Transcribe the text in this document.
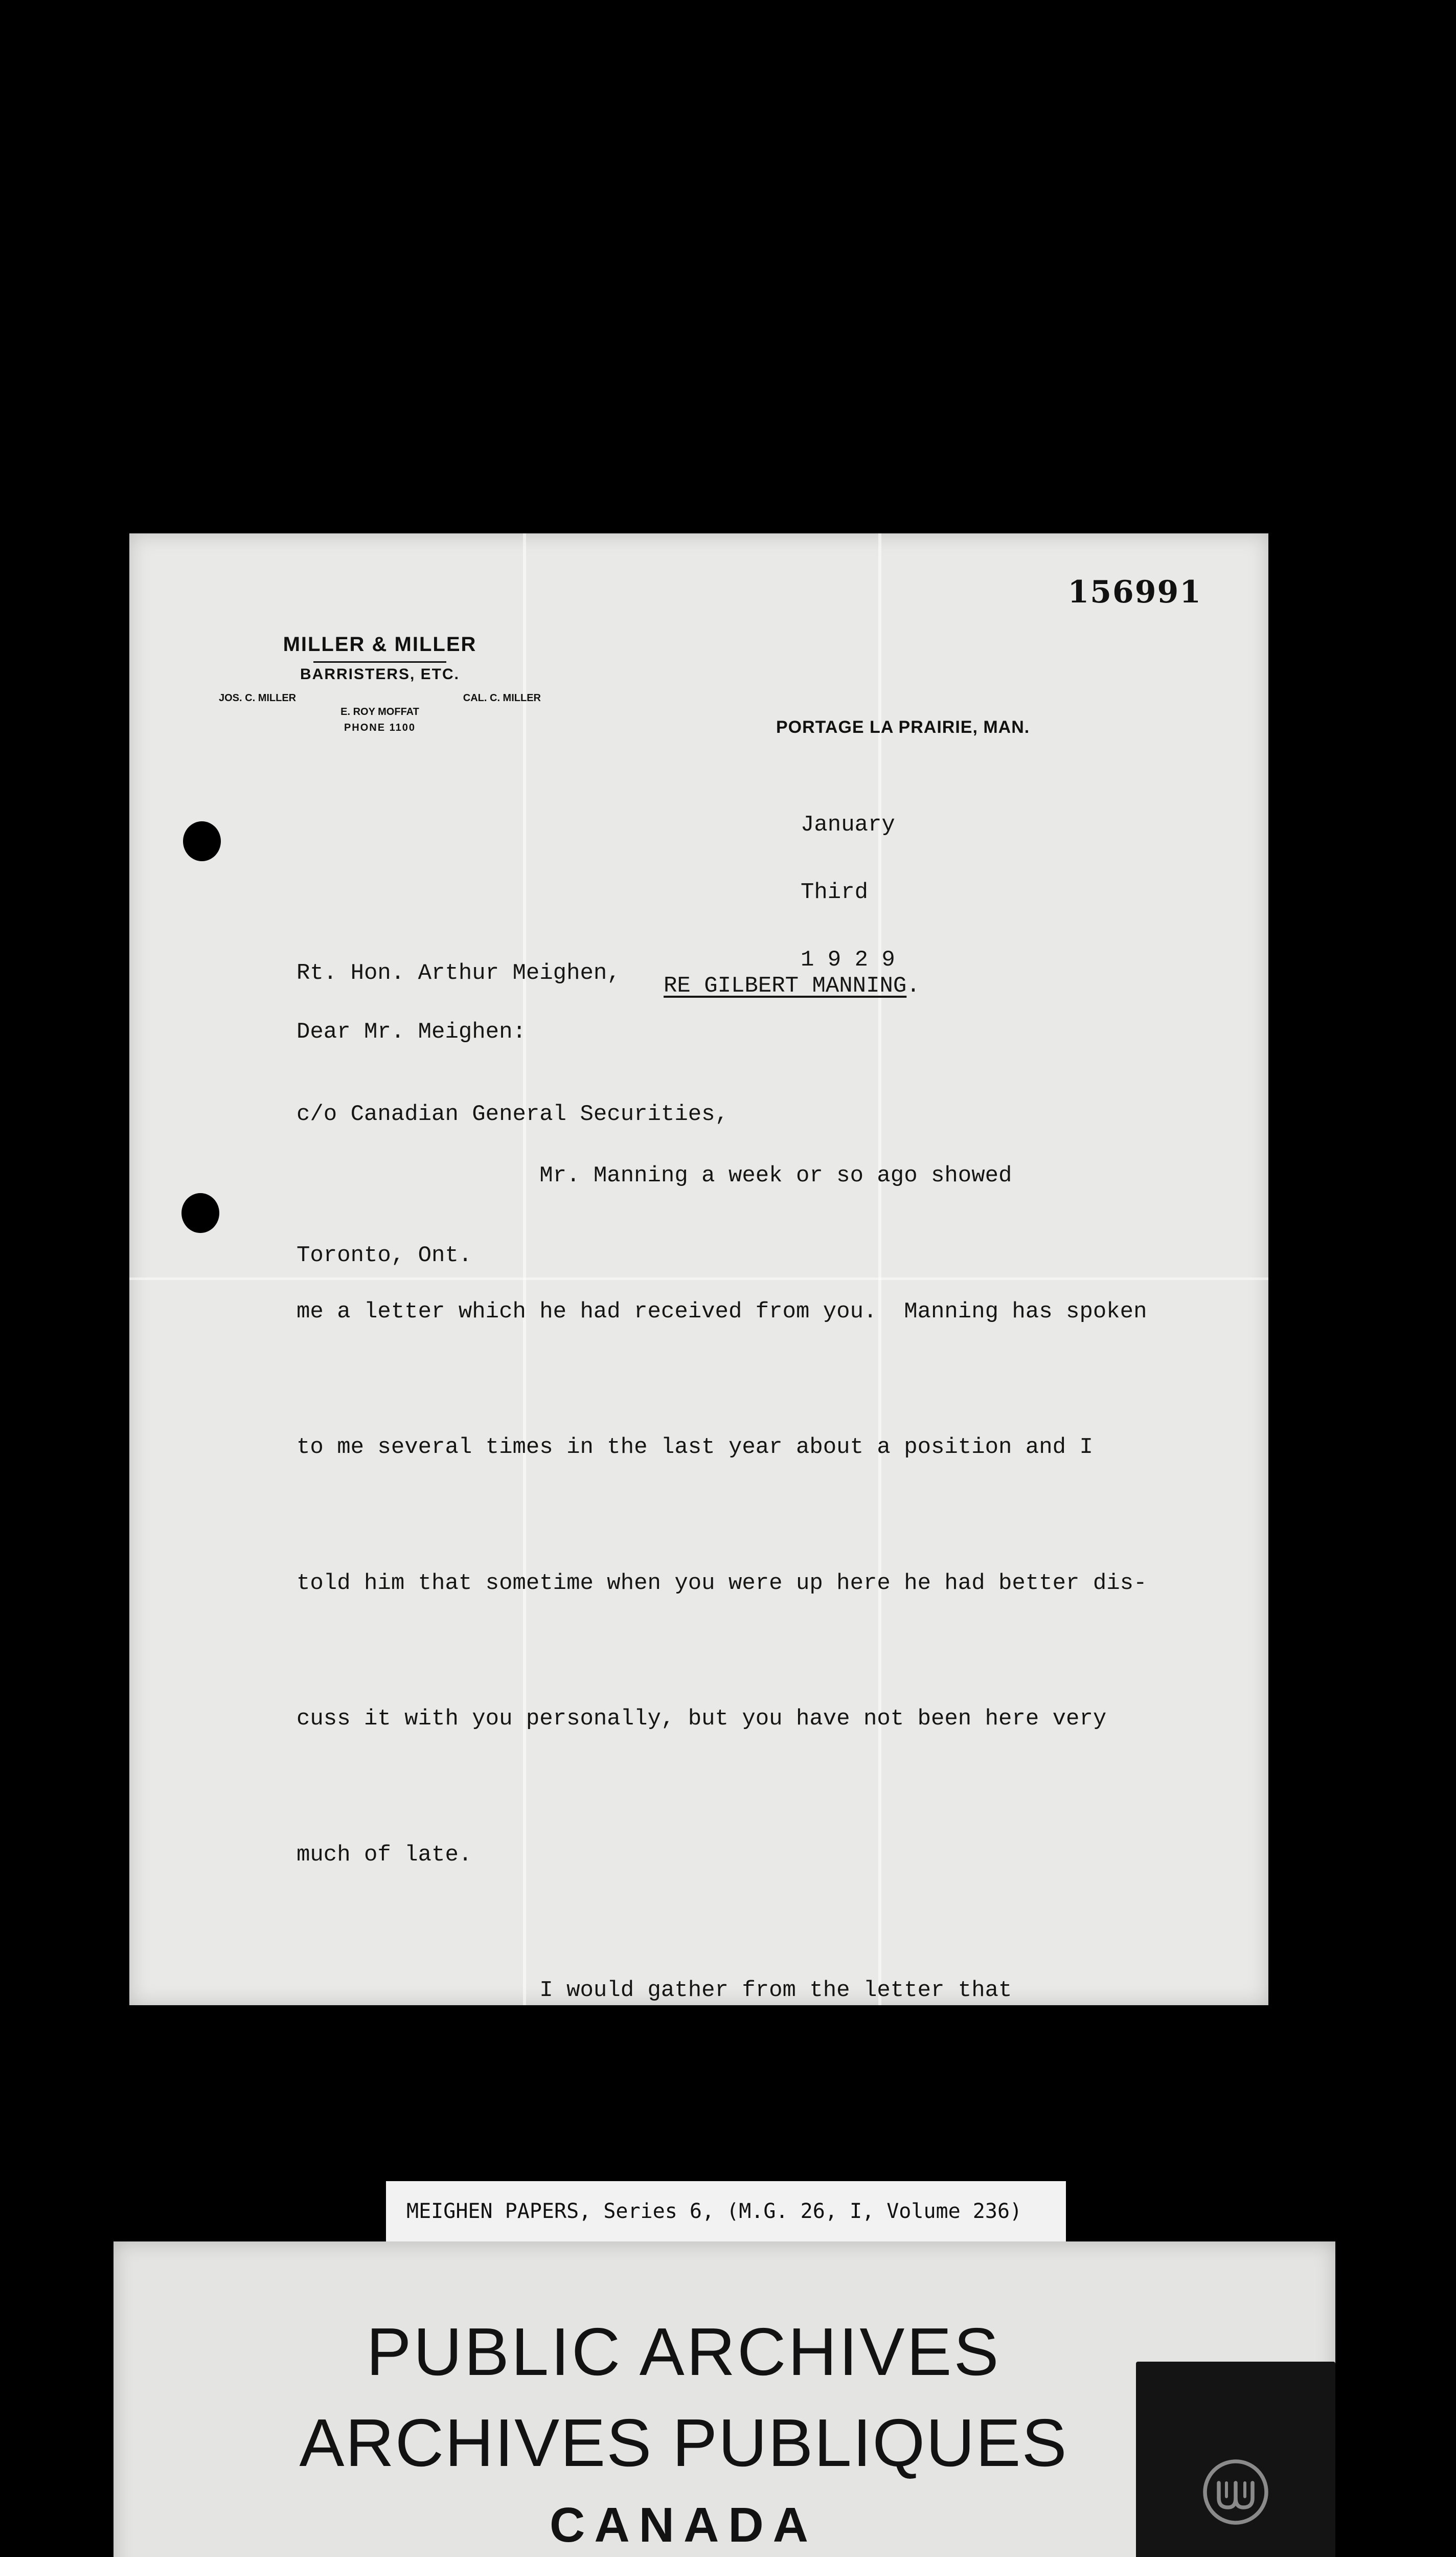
156991
MILLER & MILLER
BARRISTERS, ETC.
JOS. C. MILLER	CAL. C. MILLER
E. ROY MOFFAT
PHONE 1100	PORTAGE LA PRAIRIE, MAN.

January

Third

1 9 2 9

Rt. Hon. Arthur Meighen,

c/o Canadian General Securities,

Toronto, Ont.

RE GILBERT MANNING.
Dear Mr. Meighen:

Mr. Manning a week or so ago showed

me a letter which he had received from you.  Manning has spoken

to me several times in the last year about a position and I

told him that sometime when you were up here he had better dis-

cuss it with you personally, but you have not been here very

much of late.

I would gather from the letter that

MEIGHEN PAPERS, Series 6, (M.G. 26, I, Volume 236)
PUBLIC ARCHIVES
ARCHIVES PUBLIQUES
CANADA
